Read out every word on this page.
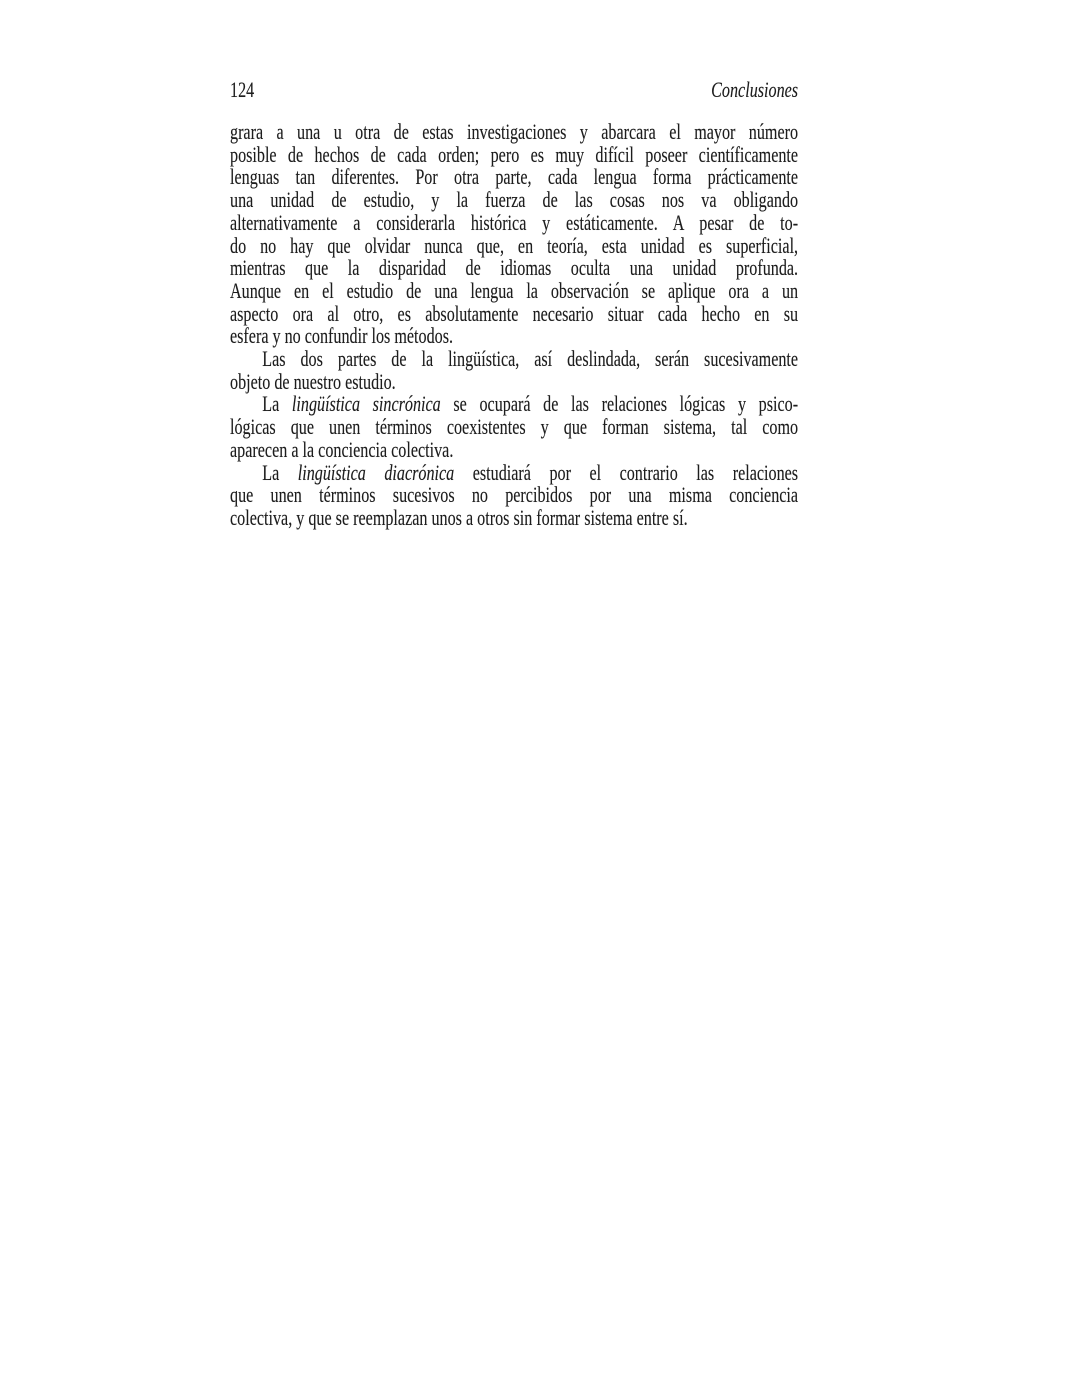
124	Conclusiones
grara a una u otra de estas investigaciones y abarcara el mayor número
posible de hechos de cada orden; pero es muy difícil poseer científicamente
lenguas tan diferentes. Por otra parte, cada lengua forma prácticamente
una unidad de estudio, y la fuerza de las cosas nos va obligando
alternativamente a considerarla histórica y estáticamente. A pesar de to-
do no hay que olvidar nunca que, en teoría, esta unidad es superficial,
mientras que la disparidad de idiomas oculta una unidad profunda.
Aunque en el estudio de una lengua la observación se aplique ora a un
aspecto ora al otro, es absolutamente necesario situar cada hecho en su
esfera y no confundir los métodos.
Las dos partes de la lingüística, así deslindada, serán sucesivamente
objeto de nuestro estudio.
La lingüística sincrónica se ocupará de las relaciones lógicas y psico-
lógicas que unen términos coexistentes y que forman sistema, tal como
aparecen a la conciencia colectiva.
La lingüística diacrónica estudiará por el contrario las relaciones
que unen términos sucesivos no percibidos por una misma conciencia
colectiva, y que se reemplazan unos a otros sin formar sistema entre sí.
